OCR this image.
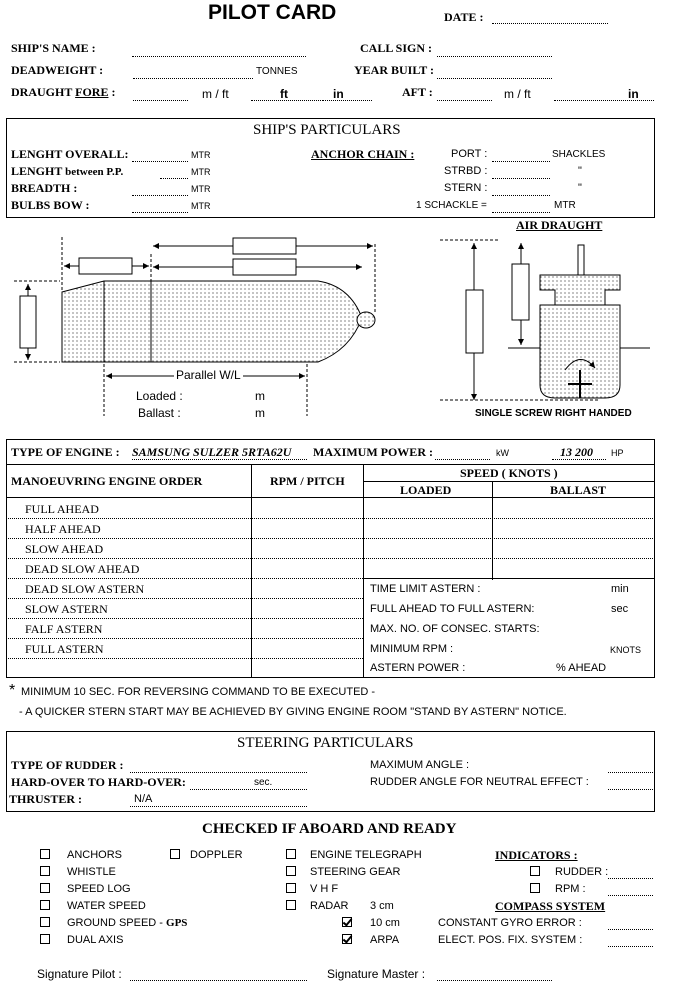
PILOT CARD	DATE :
SHIP'S NAME :	CALL SIGN :
DEADWEIGHT :	TONNES	YEAR BUILT :
DRAUGHT FORE :	m / ft	ft	in	AFT :	m / ft	in
SHIP'S PARTICULARS
LENGHT OVERALL:	MTR
LENGHT between P.P.	MTR
BREADTH :	MTR
BULBS BOW :	MTR
ANCHOR CHAIN :	PORT :	SHACKLES
STRBD :	"
STERN :	"
1 SCHACKLE =	MTR
AIR DRAUGHT
Parallel W/L
Loaded :	m
Ballast :	m	SINGLE SCREW RIGHT HANDED
TYPE OF ENGINE : SAMSUNG SULZER 5RTA62U MAXIMUM POWER :	kW	13 200 HP
MANOEUVRING ENGINE ORDER	RPM / PITCH
SPEED ( KNOTS )
LOADED	BALLAST
FULL AHEAD
HALF AHEAD
SLOW AHEAD
DEAD SLOW AHEAD
DEAD SLOW ASTERN
SLOW ASTERN
FALF ASTERN
FULL ASTERN
TIME LIMIT ASTERN :	min
FULL AHEAD TO FULL ASTERN:	sec
MAX. NO. OF CONSEC. STARTS:
MINIMUM RPM :	KNOTS
ASTERN POWER :	% AHEAD
* MINIMUM 10 SEC. FOR REVERSING COMMAND TO BE EXECUTED -
- A QUICKER STERN START MAY BE ACHIEVED BY GIVING ENGINE ROOM "STAND BY ASTERN" NOTICE.
STEERING PARTICULARS
TYPE OF RUDDER :	MAXIMUM ANGLE :
HARD-OVER TO HARD-OVER:	sec.	RUDDER ANGLE FOR NEUTRAL EFFECT :
THRUSTER :	N/A
CHECKED IF ABOARD AND READY
ANCHORS	DOPPLER	ENGINE TELEGRAPH	INDICATORS :
WHISTLE	STEERING GEAR	RUDDER :
SPEED LOG	V H F	RPM :
WATER SPEED	RADAR 3 cm	COMPASS SYSTEM
GROUND SPEED - GPS	10 cm	CONSTANT GYRO ERROR :
DUAL AXIS	ARPA	ELECT. POS. FIX. SYSTEM :
Signature Pilot :	Signature Master :
